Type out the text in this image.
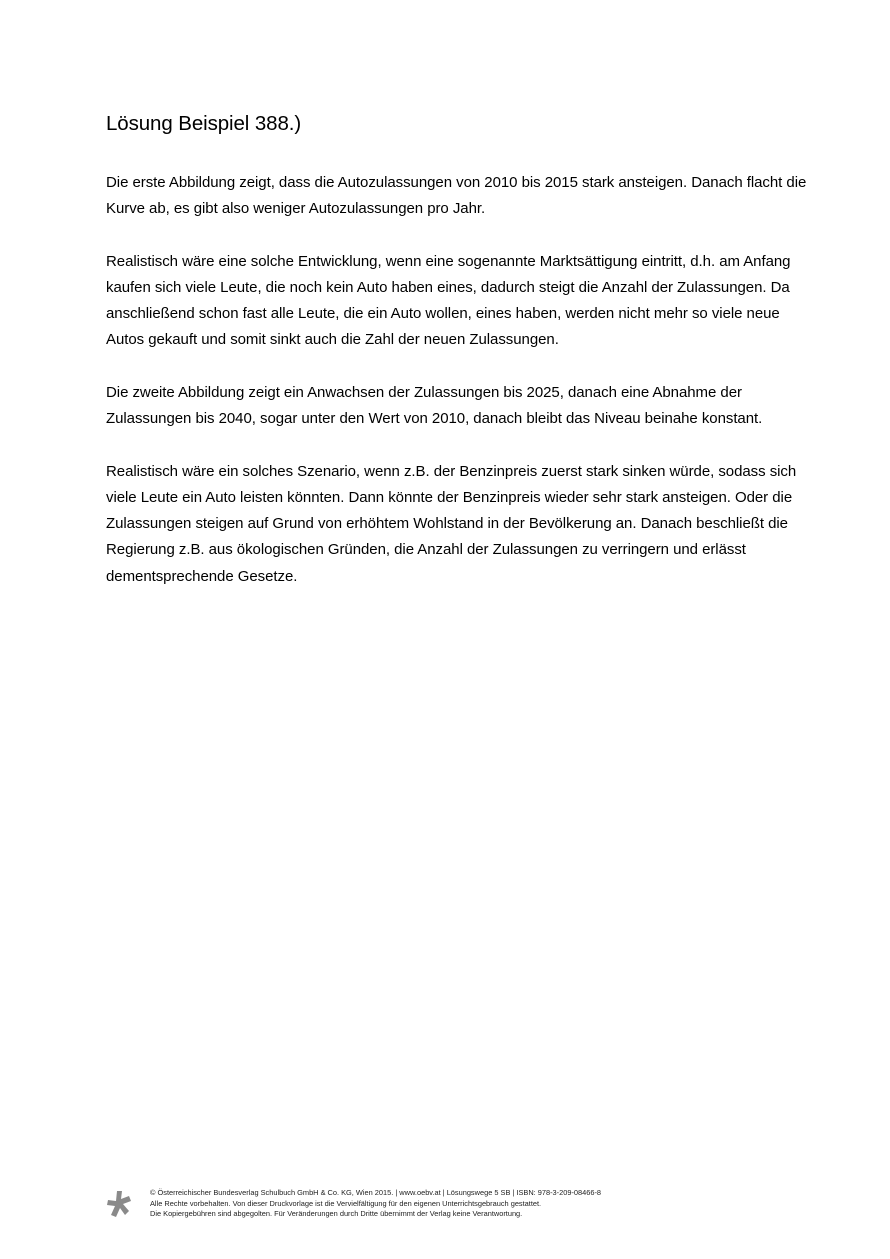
Lösung Beispiel 388.)

Die erste Abbildung zeigt, dass die Autozulassungen von 2010 bis 2015 stark ansteigen. Danach flacht die
Kurve ab, es gibt also weniger Autozulassungen pro Jahr.

Realistisch wäre eine solche Entwicklung, wenn eine sogenannte Marktsättigung eintritt, d.h. am Anfang
kaufen sich viele Leute, die noch kein Auto haben eines, dadurch steigt die Anzahl der Zulassungen. Da
anschließend schon fast alle Leute, die ein Auto wollen, eines haben, werden nicht mehr so viele neue
Autos gekauft und somit sinkt auch die Zahl der neuen Zulassungen.

Die zweite Abbildung zeigt ein Anwachsen der Zulassungen bis 2025, danach eine Abnahme der
Zulassungen bis 2040, sogar unter den Wert von 2010, danach bleibt das Niveau beinahe konstant.

Realistisch wäre ein solches Szenario, wenn z.B. der Benzinpreis zuerst stark sinken würde, sodass sich
viele Leute ein Auto leisten könnten. Dann könnte der Benzinpreis wieder sehr stark ansteigen. Oder die
Zulassungen steigen auf Grund von erhöhtem Wohlstand in der Bevölkerung an. Danach beschließt die
Regierung z.B. aus ökologischen Gründen, die Anzahl der Zulassungen zu verringern und erlässt
dementsprechende Gesetze.

© Österreichischer Bundesverlag Schulbuch GmbH & Co. KG, Wien 2015. | www.oebv.at | Lösungswege 5 SB | ISBN: 978-3-209-08466-8
Alle Rechte vorbehalten. Von dieser Druckvorlage ist die Vervielfältigung für den eigenen Unterrichtsgebrauch gestattet.
Die Kopiergebühren sind abgegolten. Für Veränderungen durch Dritte übernimmt der Verlag keine Verantwortung.
